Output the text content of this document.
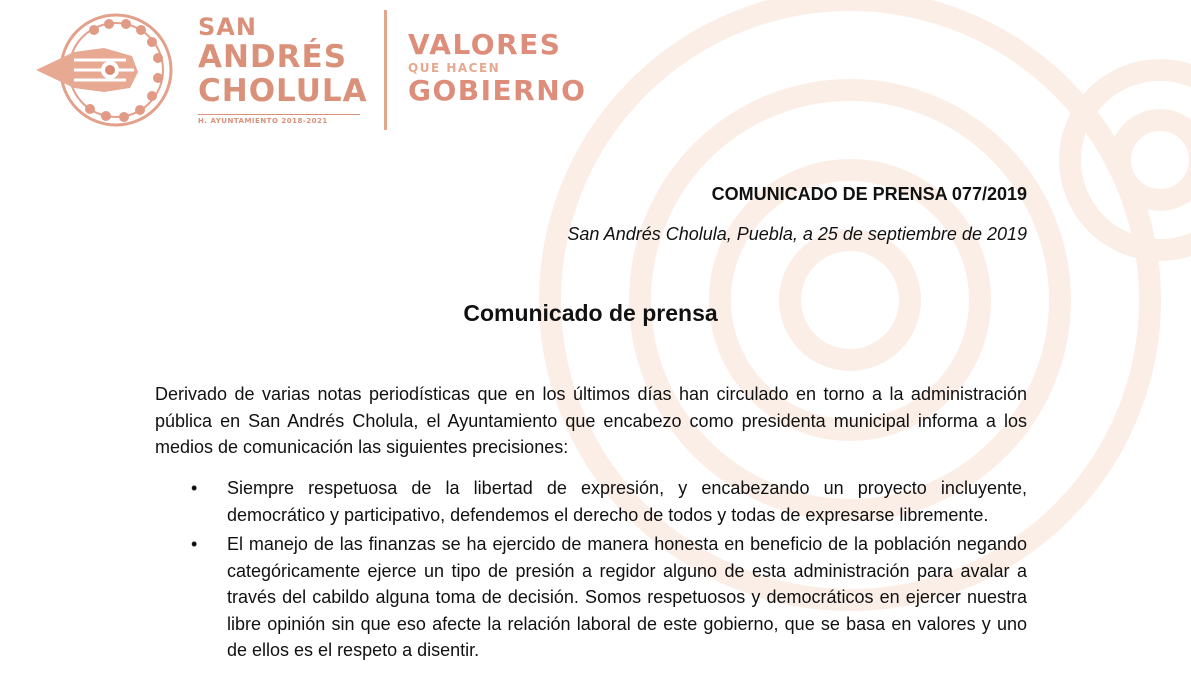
SAN
ANDRÉS
CHOLULA
H. AYUNTAMIENTO 2018-2021
VALORES
QUE HACEN
GOBIERNO
COMUNICADO DE PRENSA 077/2019
San Andrés Cholula, Puebla, a 25 de septiembre de 2019
Comunicado de prensa
Derivado de varias notas periodísticas que en los últimos días han circulado en torno a la administración pública en San Andrés Cholula, el Ayuntamiento que encabezo como presidenta municipal informa a los medios de comunicación las siguientes precisiones:
• Siempre respetuosa de la libertad de expresión, y encabezando un proyecto incluyente, democrático y participativo, defendemos el derecho de todos y todas de expresarse libremente.
• El manejo de las finanzas se ha ejercido de manera honesta en beneficio de la población negando categóricamente ejerce un tipo de presión a regidor alguno de esta administración para avalar a través del cabildo alguna toma de decisión. Somos respetuosos y democráticos en ejercer nuestra libre opinión sin que eso afecte la relación laboral de este gobierno, que se basa en valores y uno de ellos es el respeto a disentir.
